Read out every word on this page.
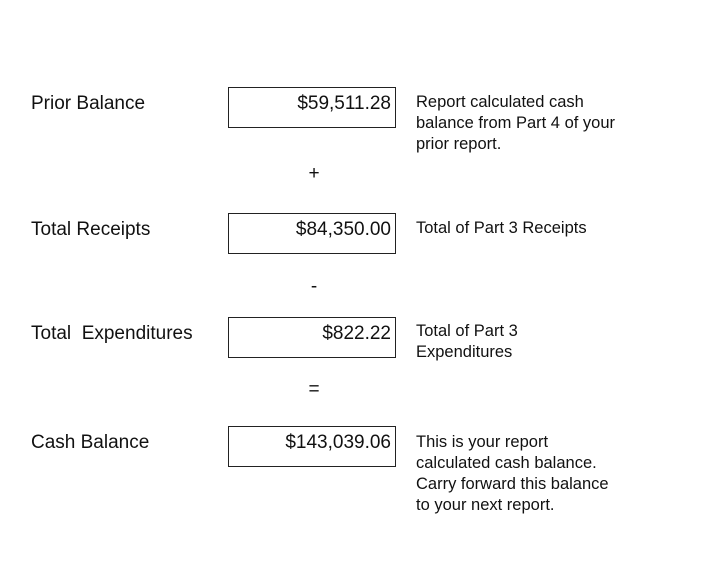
Prior Balance	$59,511.28	Report calculated cash
balance from Part 4 of your
prior report.
+
Total Receipts	$84,350.00	Total of Part 3 Receipts
-
Total  Expenditures	$822.22	Total of Part 3
Expenditures
=
Cash Balance	$143,039.06	This is your report
calculated cash balance.
Carry forward this balance
to your next report.
